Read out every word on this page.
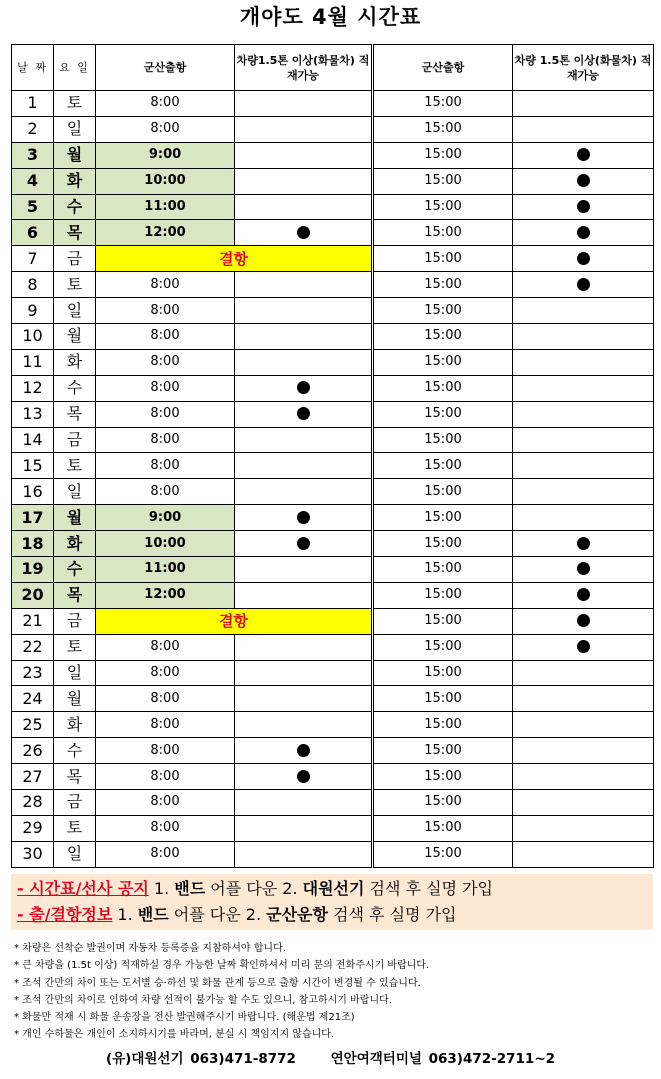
개야도 4월 시간표
날 짜	요 일	군산출항	차량1.5톤 이상(화물차) 적재가능	군산출항	차량 1.5톤 이상(화물차) 적재가능
1	토	8:00		15:00	
2	일	8:00		15:00	
3	월	9:00		15:00	
4	화	10:00		15:00	
5	수	11:00		15:00	
6	목	12:00		15:00	
7	금	결항		15:00	
8	토	8:00		15:00	
9	일	8:00		15:00	
10	월	8:00		15:00	
11	화	8:00		15:00	
12	수	8:00		15:00	
13	목	8:00		15:00	
14	금	8:00		15:00	
15	토	8:00		15:00	
16	일	8:00		15:00	
17	월	9:00		15:00	
18	화	10:00		15:00	
19	수	11:00		15:00	
20	목	12:00		15:00	
21	금	결항		15:00	
22	토	8:00		15:00	
23	일	8:00		15:00	
24	월	8:00		15:00	
25	화	8:00		15:00	
26	수	8:00		15:00	
27	목	8:00		15:00	
28	금	8:00		15:00	
29	토	8:00		15:00	
30	일	8:00		15:00	
- 시간표/선사 공지 1. 밴드 어플 다운 2. 대원선기 검색 후 실명 가입
- 출/결항정보 1. 밴드 어플 다운 2. 군산운항 검색 후 실명 가입
* 차량은 선착순 발권이며 자동차 등록증을 지참하셔야 합니다.
* 큰 차량을 (1.5t 이상) 적재하실 경우 가능한 날짜 확인하셔서 미리 문의 전화주시기 바랍니다.
* 조석 간만의 차이 또는 도서별 승·하선 및 화물 관계 등으로 출항 시간이 변경될 수 있습니다.
* 조석 간만의 차이로 인하여 차량 선적이 불가능 할 수도 있으니, 참고하시기 바랍니다.
* 화물만 적재 시 화물 운송장을 전산 발권해주시기 바랍니다. (해운법 제21조)
* 개인 수하물은 개인이 소지하시기를 바라며, 분실 시 책임지지 않습니다.
(유)대원선기 063)471-8772	연안여객터미널 063)472-2711~2
